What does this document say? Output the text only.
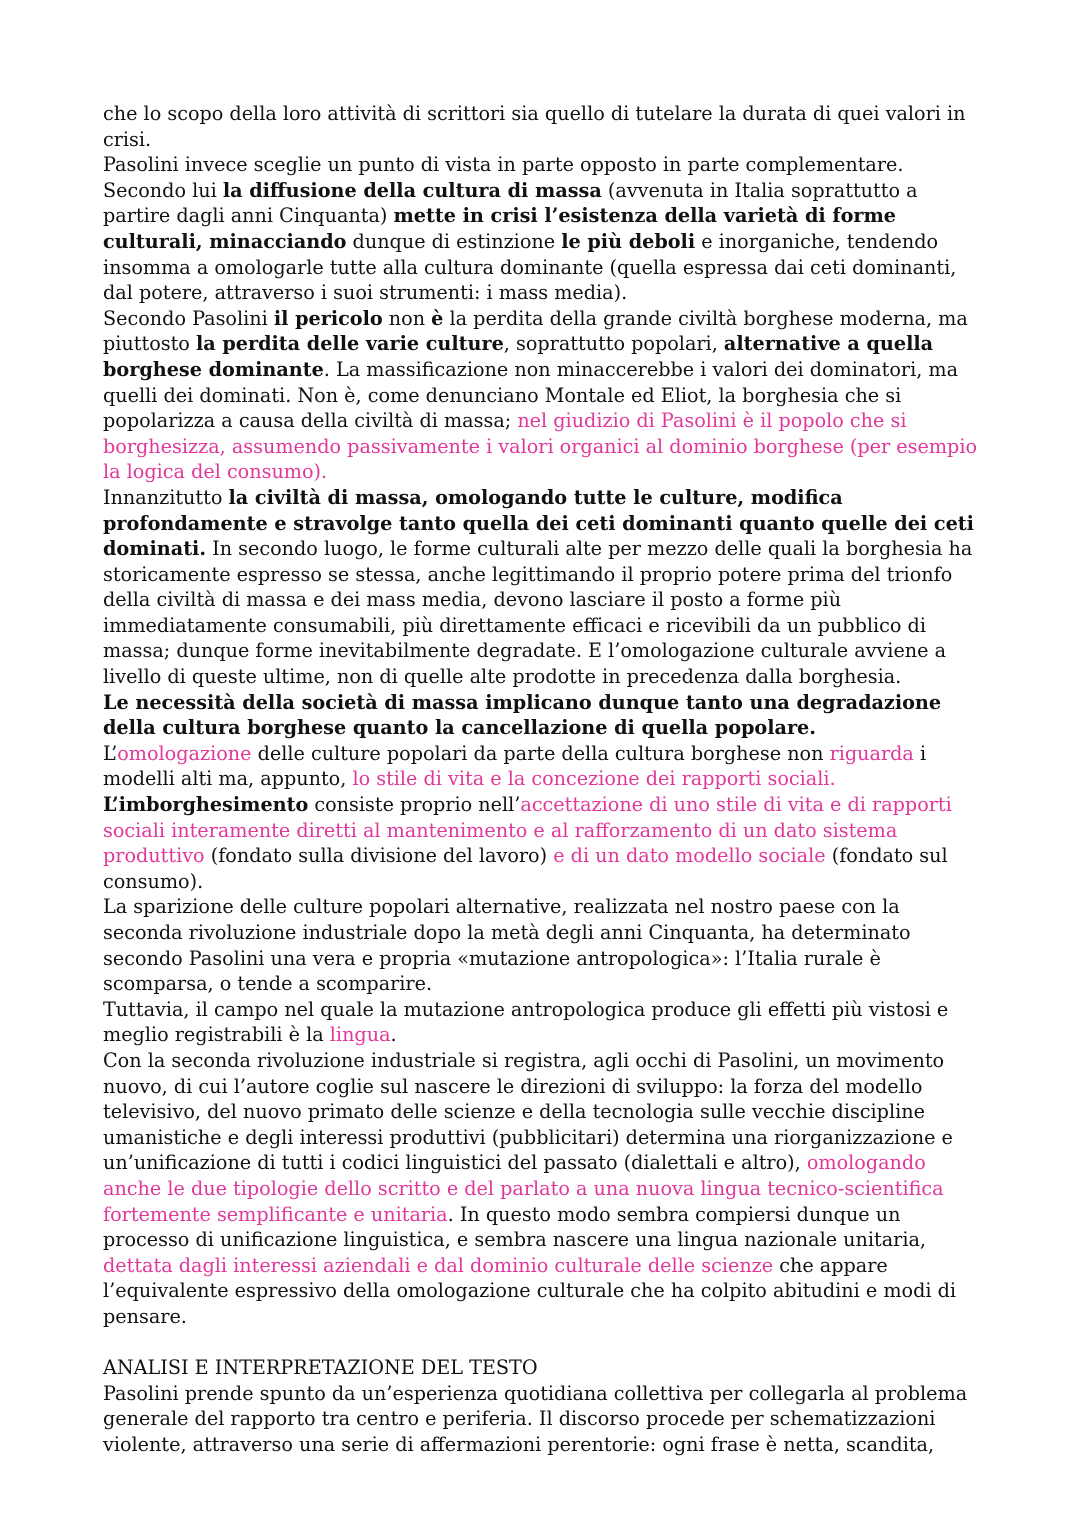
che lo scopo della loro attività di scrittori sia quello di tutelare la durata di quei valori in crisi.

Pasolini invece sceglie un punto di vista in parte opposto in parte complementare. Secondo lui la diffusione della cultura di massa (avvenuta in Italia soprattutto a partire dagli anni Cinquanta) mette in crisi l’esistenza della varietà di forme culturali, minacciando dunque di estinzione le più deboli e inorganiche, tendendo insomma a omologarle tutte alla cultura dominante (quella espressa dai ceti dominanti, dal potere, attraverso i suoi strumenti: i mass media).

Secondo Pasolini il pericolo non è la perdita della grande civiltà borghese moderna, ma piuttosto la perdita delle varie culture, soprattutto popolari, alternative a quella borghese dominante. La massificazione non minaccerebbe i valori dei dominatori, ma quelli dei dominati. Non è, come denunciano Montale ed Eliot, la borghesia che si popolarizza a causa della civiltà di massa; nel giudizio di Pasolini è il popolo che si borghesizza, assumendo passivamente i valori organici al dominio borghese (per esempio la logica del consumo).

Innanzitutto la civiltà di massa, omologando tutte le culture, modifica profondamente e stravolge tanto quella dei ceti dominanti quanto quelle dei ceti dominati. In secondo luogo, le forme culturali alte per mezzo delle quali la borghesia ha storicamente espresso se stessa, anche legittimando il proprio potere prima del trionfo della civiltà di massa e dei mass media, devono lasciare il posto a forme più immediatamente consumabili, più direttamente efficaci e ricevibili da un pubblico di massa; dunque forme inevitabilmente degradate. E l’omologazione culturale avviene a livello di queste ultime, non di quelle alte prodotte in precedenza dalla borghesia.

Le necessità della società di massa implicano dunque tanto una degradazione della cultura borghese quanto la cancellazione di quella popolare.

L’omologazione delle culture popolari da parte della cultura borghese non riguarda i modelli alti ma, appunto, lo stile di vita e la concezione dei rapporti sociali.

L’imborghesimento consiste proprio nell’accettazione di uno stile di vita e di rapporti sociali interamente diretti al mantenimento e al rafforzamento di un dato sistema produttivo (fondato sulla divisione del lavoro) e di un dato modello sociale (fondato sul consumo).

La sparizione delle culture popolari alternative, realizzata nel nostro paese con la seconda rivoluzione industriale dopo la metà degli anni Cinquanta, ha determinato secondo Pasolini una vera e propria «mutazione antropologica»: l’Italia rurale è scomparsa, o tende a scomparire.

Tuttavia, il campo nel quale la mutazione antropologica produce gli effetti più vistosi e meglio registrabili è la lingua.

Con la seconda rivoluzione industriale si registra, agli occhi di Pasolini, un movimento nuovo, di cui l’autore coglie sul nascere le direzioni di sviluppo: la forza del modello televisivo, del nuovo primato delle scienze e della tecnologia sulle vecchie discipline umanistiche e degli interessi produttivi (pubblicitari) determina una riorganizzazione e un’unificazione di tutti i codici linguistici del passato (dialettali e altro), omologando anche le due tipologie dello scritto e del parlato a una nuova lingua tecnico-scientifica fortemente semplificante e unitaria. In questo modo sembra compiersi dunque un processo di unificazione linguistica, e sembra nascere una lingua nazionale unitaria, dettata dagli interessi aziendali e dal dominio culturale delle scienze che appare l’equivalente espressivo della omologazione culturale che ha colpito abitudini e modi di pensare.

ANALISI E INTERPRETAZIONE DEL TESTO

Pasolini prende spunto da un’esperienza quotidiana collettiva per collegarla al problema generale del rapporto tra centro e periferia. Il discorso procede per schematizzazioni violente, attraverso una serie di affermazioni perentorie: ogni frase è netta, scandita,
